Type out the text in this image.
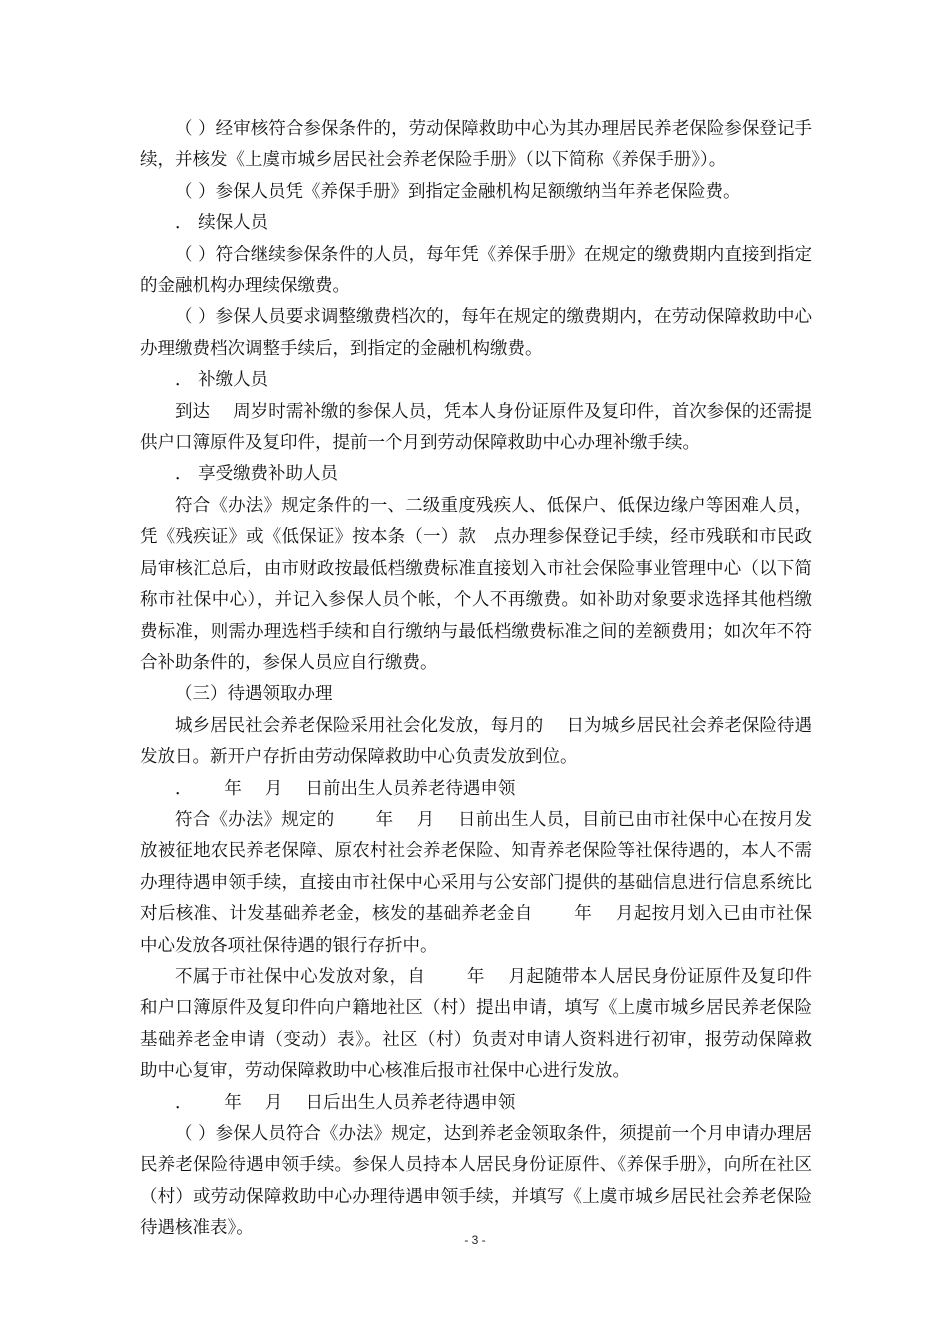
（ ）经审核符合参保条件的，劳动保障救助中心为其办理居民养老保险参保登记手续，并核发《上虞市城乡居民社会养老保险手册》（以下简称《养保手册》）。

（ ）参保人员凭《养保手册》到指定金融机构足额缴纳当年养老保险费。

． 续保人员

（ ）符合继续参保条件的人员，每年凭《养保手册》在规定的缴费期内直接到指定的金融机构办理续保缴费。

（ ）参保人员要求调整缴费档次的，每年在规定的缴费期内，在劳动保障救助中心办理缴费档次调整手续后，到指定的金融机构缴费。

． 补缴人员

到达　 周岁时需补缴的参保人员，凭本人身份证原件及复印件，首次参保的还需提供户口簿原件及复印件，提前一个月到劳动保障救助中心办理补缴手续。

． 享受缴费补助人员

符合《办法》规定条件的一、二级重度残疾人、低保户、低保边缘户等困难人员，凭《残疾证》或《低保证》按本条（一）款　点办理参保登记手续，经市残联和市民政局审核汇总后，由市财政按最低档缴费标准直接划入市社会保险事业管理中心（以下简称市社保中心），并记入参保人员个帐，个人不再缴费。如补助对象要求选择其他档缴费标准，则需办理选档手续和自行缴纳与最低档缴费标准之间的差额费用；如次年不符合补助条件的，参保人员应自行缴费。

（三）待遇领取办理

城乡居民社会养老保险采用社会化发放，每月的　 日为城乡居民社会养老保险待遇发放日。新开户存折由劳动保障救助中心负责发放到位。

．　　 年　 月　 日前出生人员养老待遇申领

符合《办法》规定的　　 年　 月　 日前出生人员，目前已由市社保中心在按月发放被征地农民养老保障、原农村社会养老保险、知青养老保险等社保待遇的，本人不需办理待遇申领手续，直接由市社保中心采用与公安部门提供的基础信息进行信息系统比对后核准、计发基础养老金，核发的基础养老金自　　 年　 月起按月划入已由市社保中心发放各项社保待遇的银行存折中。

不属于市社保中心发放对象，自　　 年　 月起随带本人居民身份证原件及复印件和户口簿原件及复印件向户籍地社区（村）提出申请，填写《上虞市城乡居民养老保险基础养老金申请（变动）表》。社区（村）负责对申请人资料进行初审，报劳动保障救助中心复审，劳动保障救助中心核准后报市社保中心进行发放。

．　　 年　 月　 日后出生人员养老待遇申领

（ ）参保人员符合《办法》规定，达到养老金领取条件，须提前一个月申请办理居民养老保险待遇申领手续。参保人员持本人居民身份证原件、《养保手册》，向所在社区（村）或劳动保障救助中心办理待遇申领手续，并填写《上虞市城乡居民社会养老保险待遇核准表》。

- 3 -
